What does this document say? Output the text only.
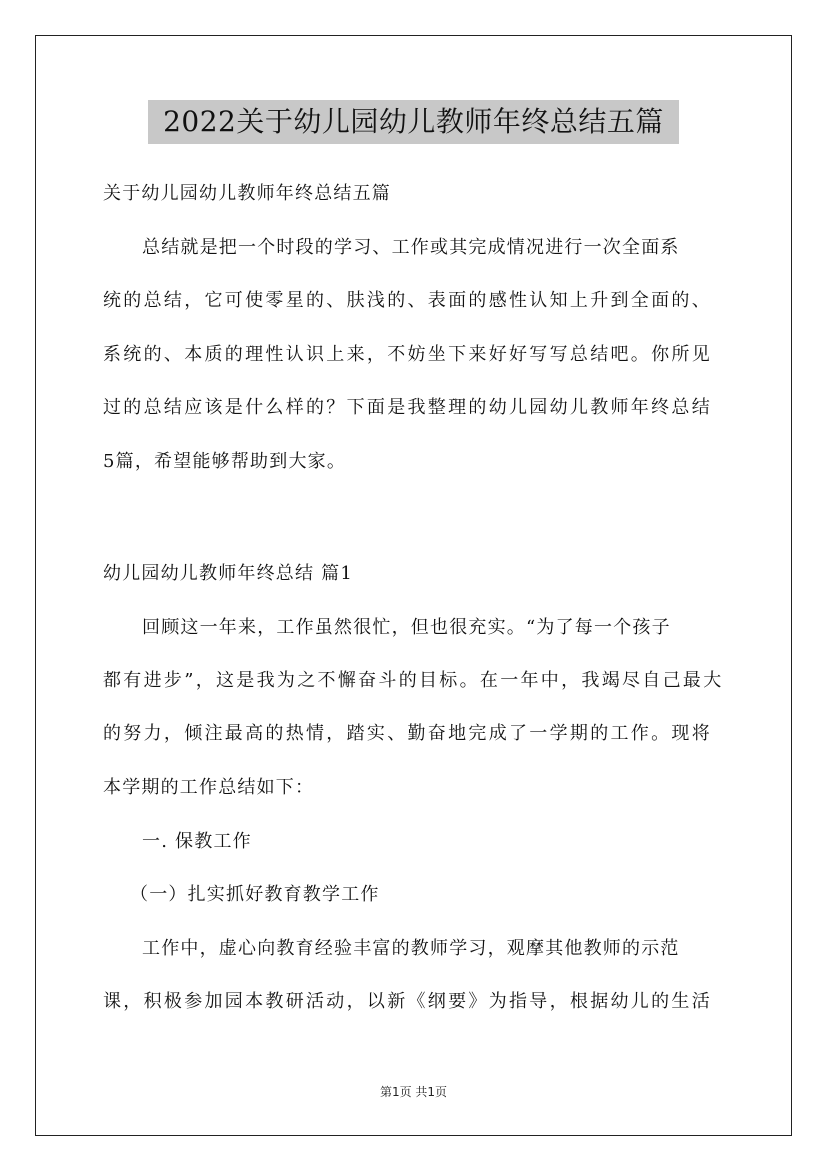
2022关于幼儿园幼儿教师年终总结五篇
关于幼儿园幼儿教师年终总结五篇
总结就是把一个时段的学习、工作或其完成情况进行一次全面系
统的总结，它可使零星的、肤浅的、表面的感性认知上升到全面的、
系统的、本质的理性认识上来，不妨坐下来好好写写总结吧。你所见
过的总结应该是什么样的？下面是我整理的幼儿园幼儿教师年终总结
5篇，希望能够帮助到大家。
幼儿园幼儿教师年终总结 篇1
回顾这一年来，工作虽然很忙，但也很充实。“为了每一个孩子
都有进步”，这是我为之不懈奋斗的目标。在一年中，我竭尽自己最大
的努力，倾注最高的热情，踏实、勤奋地完成了一学期的工作。现将
本学期的工作总结如下：
一. 保教工作
（一）扎实抓好教育教学工作
工作中，虚心向教育经验丰富的教师学习，观摩其他教师的示范
课，积极参加园本教研活动，以新《纲要》为指导，根据幼儿的生活
第1页 共1页
